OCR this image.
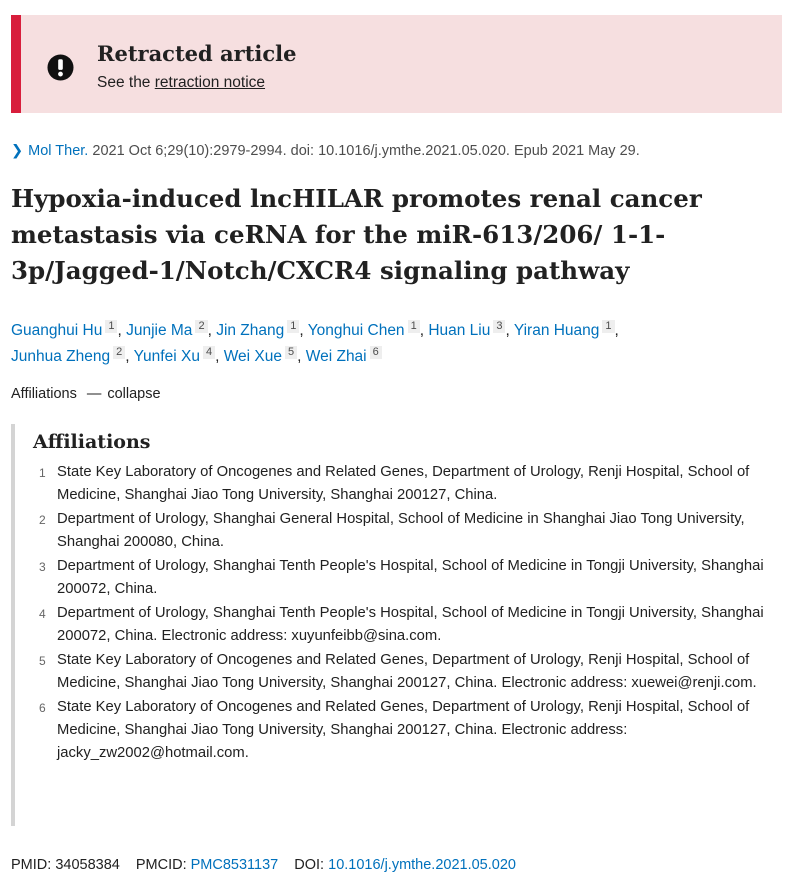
Retracted article
See the retraction notice
❯ Mol Ther. 2021 Oct 6;29(10):2979-2994. doi: 10.1016/j.ymthe.2021.05.020. Epub 2021 May 29.
Hypoxia-induced lncHILAR promotes renal cancer
metastasis via ceRNA for the miR-613/206/ 1-1-
3p/Jagged-1/Notch/CXCR4 signaling pathway
Guanghui Hu 1 , Junjie Ma 2 , Jin Zhang 1 , Yonghui Chen 1 , Huan Liu 3 , Yiran Huang 1 ,
Junhua Zheng 2 , Yunfei Xu 4 , Wei Xue 5 , Wei Zhai 6
Affiliations — collapse
Affiliations
1 State Key Laboratory of Oncogenes and Related Genes, Department of Urology, Renji Hospital, School of Medicine, Shanghai Jiao Tong University, Shanghai 200127, China.
2 Department of Urology, Shanghai General Hospital, School of Medicine in Shanghai Jiao Tong University, Shanghai 200080, China.
3 Department of Urology, Shanghai Tenth People's Hospital, School of Medicine in Tongji University, Shanghai 200072, China.
4 Department of Urology, Shanghai Tenth People's Hospital, School of Medicine in Tongji University, Shanghai 200072, China. Electronic address: xuyunfeibb@sina.com.
5 State Key Laboratory of Oncogenes and Related Genes, Department of Urology, Renji Hospital, School of Medicine, Shanghai Jiao Tong University, Shanghai 200127, China. Electronic address: xuewei@renji.com.
6 State Key Laboratory of Oncogenes and Related Genes, Department of Urology, Renji Hospital, School of Medicine, Shanghai Jiao Tong University, Shanghai 200127, China. Electronic address: jacky_zw2002@hotmail.com.
PMID: 34058384 PMCID: PMC8531137 DOI: 10.1016/j.ymthe.2021.05.020
